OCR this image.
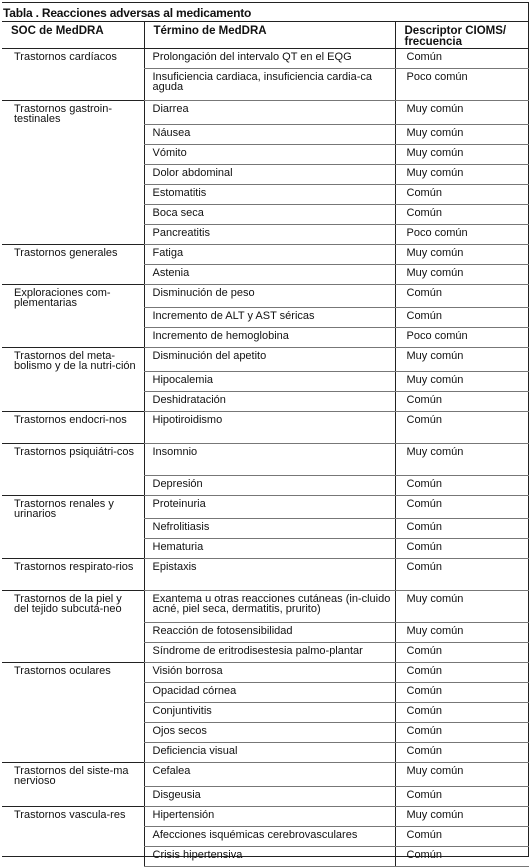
Tabla . Reacciones adversas al medicamento
SOC de MedDRA	Término de MedDRA	Descriptor CIOMS/ frecuencia
Trastornos cardíacos	Prolongación del intervalo QT en el EQG	Común
	Insuficiencia cardiaca, insuficiencia cardia-ca aguda	Poco común
Trastornos gastroin-testinales	Diarrea	Muy común
	Náusea	Muy común
	Vómito	Muy común
	Dolor abdominal	Muy común
	Estomatitis	Común
	Boca seca	Común
	Pancreatitis	Poco común
Trastornos generales	Fatiga	Muy común
	Astenia	Muy común
Exploraciones com-plementarias	Disminución de peso	Común
	Incremento de ALT y AST séricas	Común
	Incremento de hemoglobina	Poco común
Trastornos del meta-bolismo y de la nutri-ción	Disminución del apetito	Muy común
	Hipocalemia	Muy común
	Deshidratación	Común
Trastornos endocri-nos	Hipotiroidismo	Común
Trastornos psiquiátri-cos	Insomnio	Muy común
	Depresión	Común
Trastornos renales y urinarios	Proteinuria	Común
	Nefrolitiasis	Común
	Hematuria	Común
Trastornos respirato-rios	Epistaxis	Común
Trastornos de la piel y del tejido subcutá-neo	Exantema u otras reacciones cutáneas (in-cluido acné, piel seca, dermatitis, prurito)	Muy común
	Reacción de fotosensibilidad	Muy común
	Síndrome de eritrodisestesia palmo-plantar	Común
Trastornos oculares	Visión borrosa	Común
	Opacidad córnea	Común
	Conjuntivitis	Común
	Ojos secos	Común
	Deficiencia visual	Común
Trastornos del siste-ma nervioso	Cefalea	Muy común
	Disgeusia	Común
Trastornos vascula-res	Hipertensión	Muy común
	Afecciones isquémicas cerebrovasculares	Común
	Crisis hipertensiva	Común
